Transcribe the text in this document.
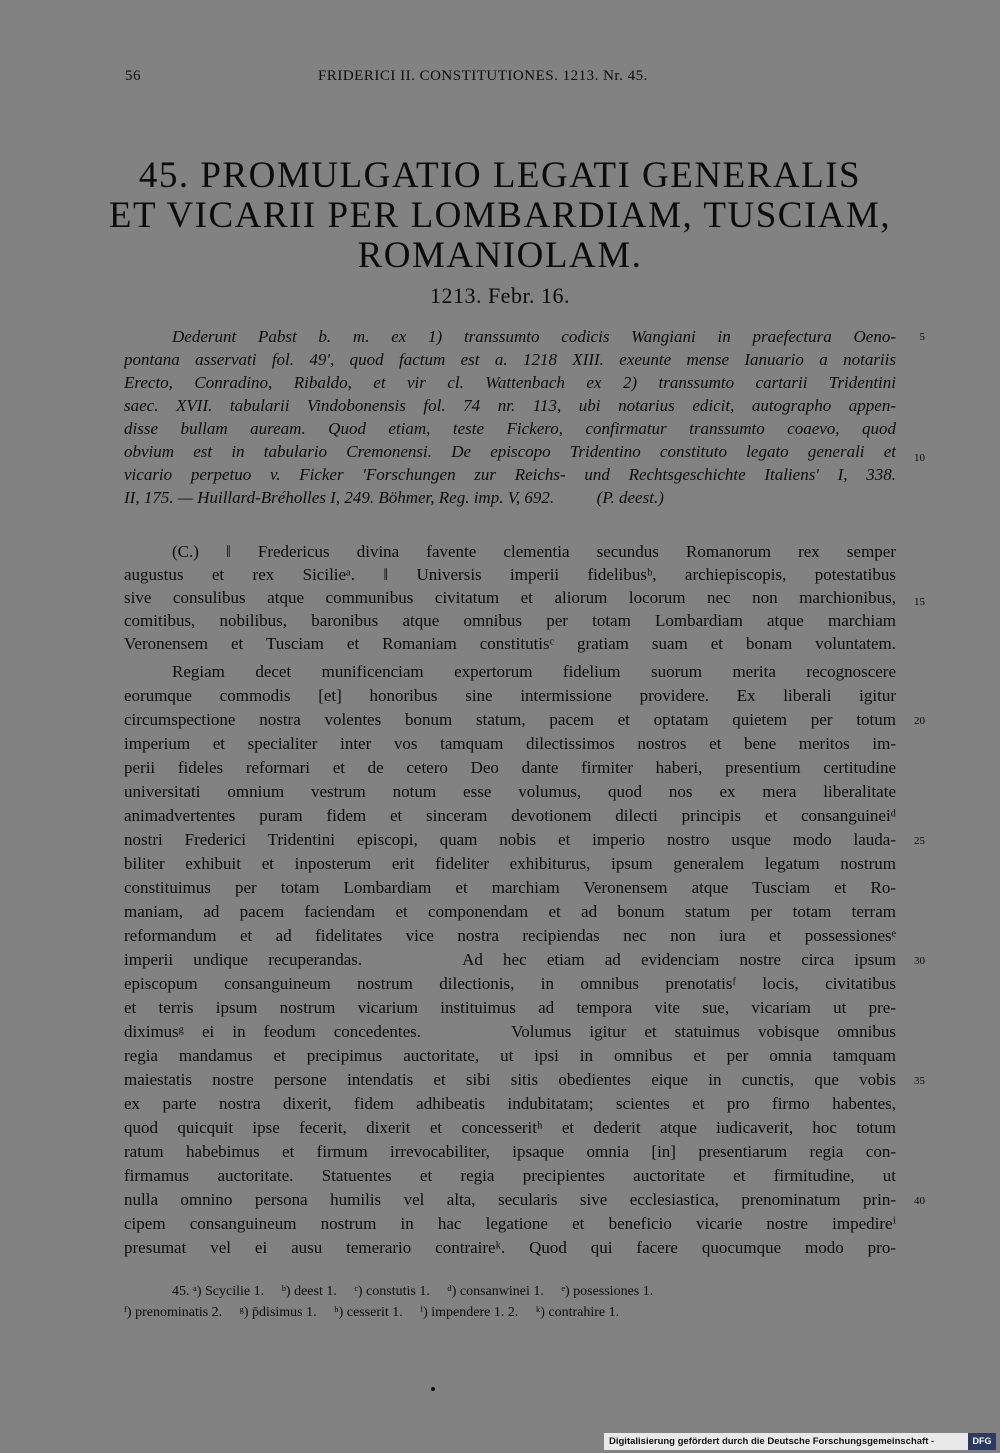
56	FRIDERICI II. CONSTITUTIONES. 1213. Nr. 45.
45. PROMULGATIO LEGATI GENERALIS
ET VICARII PER LOMBARDIAM, TUSCIAM,
ROMANIOLAM.
1213. Febr. 16.
Dederunt Pabst b. m. ex 1) transsumto codicis Wangiani in praefectura Oeno-
pontana asservati fol. 49', quod factum est a. 1218 XIII. exeunte mense Ianuario a notariis
Erecto, Conradino, Ribaldo, et vir cl. Wattenbach ex 2) transsumto cartarii Tridentini
saec. XVII. tabularii Vindobonensis fol. 74 nr. 113, ubi notarius edicit, autographo appen-
disse bullam auream. Quod etiam, teste Fickero, confirmatur transsumto coaevo, quod
obvium est in tabulario Cremonensi. De episcopo Tridentino constituto legato generali et
vicario perpetuo v. Ficker 'Forschungen zur Reichs- und Rechtsgeschichte Italiens' I, 338.
II, 175. — Huillard-Bréholles I, 249. Böhmer, Reg. imp. V, 692.          (P. deest.)
(C.) ǁ Fredericus divina favente clementia secundus Romanorum rex semper
augustus et rex Sicilieᵃ. ǁ Universis imperii fidelibusᵇ, archiepiscopis, potestatibus
sive consulibus atque communibus civitatum et aliorum locorum nec non marchionibus,
comitibus, nobilibus, baronibus atque omnibus per totam Lombardiam atque marchiam
Veronensem et Tusciam et Romaniam constitutisᶜ gratiam suam et bonam voluntatem.
Regiam decet munificenciam expertorum fidelium suorum merita recognoscere
eorumque commodis [et] honoribus sine intermissione providere. Ex liberali igitur
circumspectione nostra volentes bonum statum, pacem et optatam quietem per totum
imperium et specialiter inter vos tamquam dilectissimos nostros et bene meritos im-
perii fideles reformari et de cetero Deo dante firmiter haberi, presentium certitudine
universitati omnium vestrum notum esse volumus, quod nos ex mera liberalitate
animadvertentes puram fidem et sinceram devotionem dilecti principis et consanguineiᵈ
nostri Frederici Tridentini episcopi, quam nobis et imperio nostro usque modo lauda-
biliter exhibuit et inposterum erit fideliter exhibiturus, ipsum generalem legatum nostrum
constituimus per totam Lombardiam et marchiam Veronensem atque Tusciam et Ro-
maniam, ad pacem faciendam et componendam et ad bonum statum per totam terram
reformandum et ad fidelitates vice nostra recipiendas nec non iura et possessionesᵉ
imperii undique recuperandas.     Ad hec etiam ad evidenciam nostre circa ipsum
episcopum consanguineum nostrum dilectionis, in omnibus prenotatisᶠ locis, civitatibus
et terris ipsum nostrum vicarium instituimus ad tempora vite sue, vicariam ut pre-
diximusᵍ ei in feodum concedentes.     Volumus igitur et statuimus vobisque omnibus
regia mandamus et precipimus auctoritate, ut ipsi in omnibus et per omnia tamquam
maiestatis nostre persone intendatis et sibi sitis obedientes eique in cunctis, que vobis
ex parte nostra dixerit, fidem adhibeatis indubitatam; scientes et pro firmo habentes,
quod quicquit ipse fecerit, dixerit et concesseritʰ et dederit atque iudicaverit, hoc totum
ratum habebimus et firmum irrevocabiliter, ipsaque omnia [in] presentiarum regia con-
firmamus auctoritate. Statuentes et regia precipientes auctoritate et firmitudine, ut
nulla omnino persona humilis vel alta, secularis sive ecclesiastica, prenominatum prin-
cipem consanguineum nostrum in hac legatione et beneficio vicarie nostre impedireⁱ
presumat vel ei ausu temerario contraireᵏ. Quod qui facere quocumque modo pro-
5
10
15
20
25
30
35
40
45. ᵃ) Scycilie 1.     ᵇ) deest 1.     ᶜ) constutis 1.     ᵈ) consanwinei 1.     ᵉ) posessiones 1.
ᶠ) prenominatis 2.     ᵍ) p̄disimus 1.     ʰ) cesserit 1.     ⁱ) impendere 1. 2.     ᵏ) contrahire 1.
Digitalisierung gefördert durch die Deutsche Forschungsgemeinschaft -	DFG
